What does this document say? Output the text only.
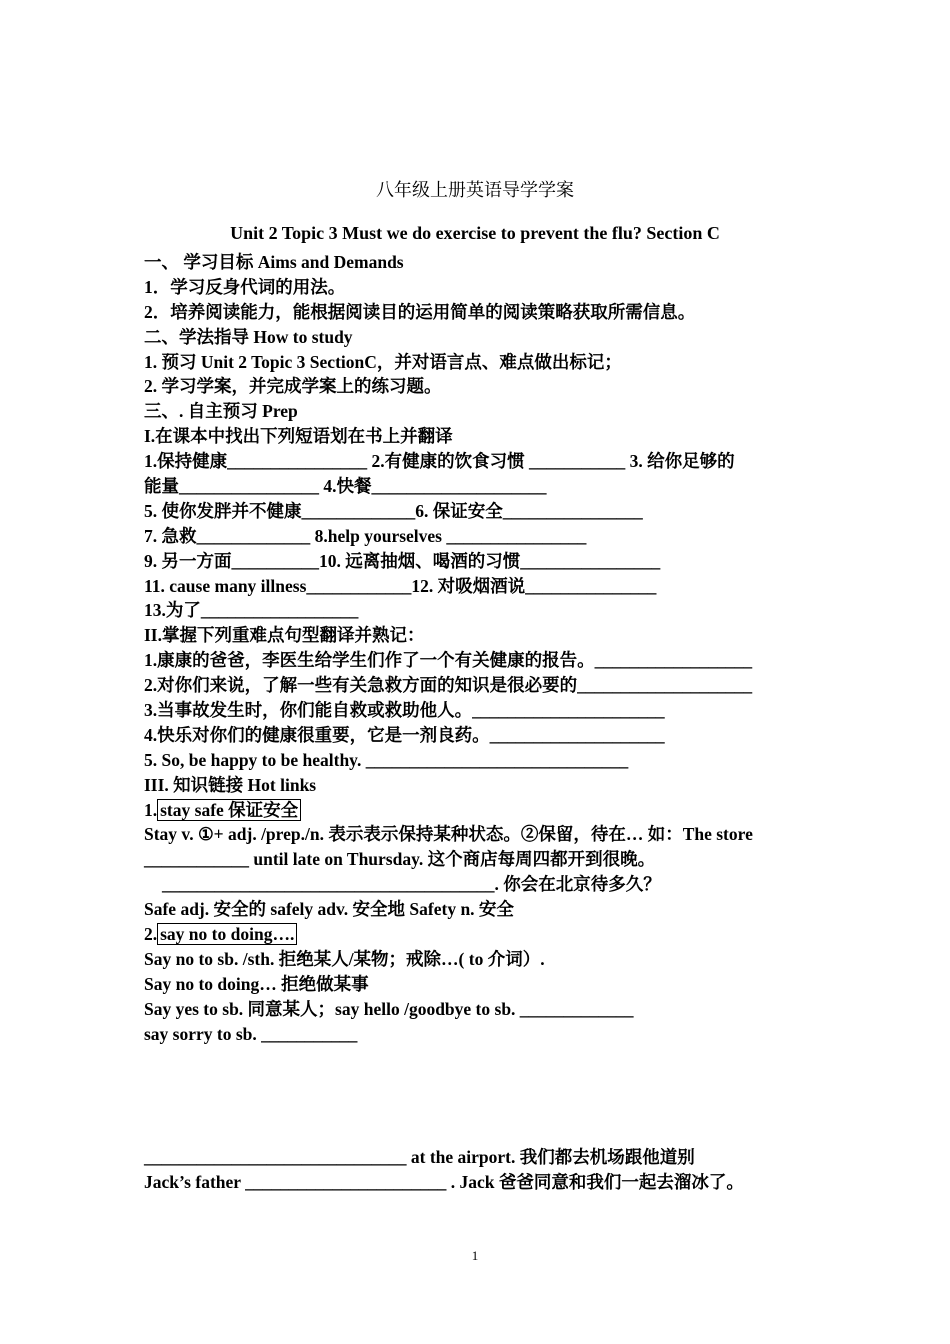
八年级上册英语导学学案
Unit 2 Topic 3 Must we do exercise to prevent the flu? Section C
一、 学习目标 Aims and Demands
1．学习反身代词的用法。
2．培养阅读能力，能根据阅读目的运用简单的阅读策略获取所需信息。
二、学法指导 How to study
1. 预习 Unit 2 Topic 3 SectionC，并对语言点、难点做出标记；
2. 学习学案，并完成学案上的练习题。
三、. 自主预习 Prep
I.在课本中找出下列短语划在书上并翻译
1.保持健康________________ 2.有健康的饮食习惯 ___________ 3. 给你足够的
能量________________ 4.快餐____________________
5. 使你发胖并不健康_____________6. 保证安全________________
7. 急救_____________ 8.help yourselves ________________
9. 另一方面__________10. 远离抽烟、喝酒的习惯________________
11. cause many illness____________12. 对吸烟酒说_______________
13.为了__________________
II.掌握下列重难点句型翻译并熟记：
1.康康的爸爸，李医生给学生们作了一个有关健康的报告。__________________
2.对你们来说，了解一些有关急救方面的知识是很必要的____________________
3.当事故发生时，你们能自救或救助他人。______________________
4.快乐对你们的健康很重要，它是一剂良药。____________________
5. So, be happy to be healthy. ______________________________
III. 知识链接 Hot links
1. stay safe 保证安全
Stay v. ①+ adj. /prep./n. 表示表示保持某种状态。②保留，待在… 如：The store
____________ until late on Thursday. 这个商店每周四都开到很晚。
______________________________________. 你会在北京待多久？
Safe adj. 安全的 safely adv. 安全地 Safety n. 安全
2. say no to doing….
Say no to sb. /sth. 拒绝某人/某物；戒除…( to 介词）.
Say no to doing… 拒绝做某事
Say yes to sb. 同意某人；say hello /goodbye to sb. _____________
say sorry to sb. ___________
______________________________ at the airport. 我们都去机场跟他道别
Jack’s father _______________________ . Jack 爸爸同意和我们一起去溜冰了。
1
